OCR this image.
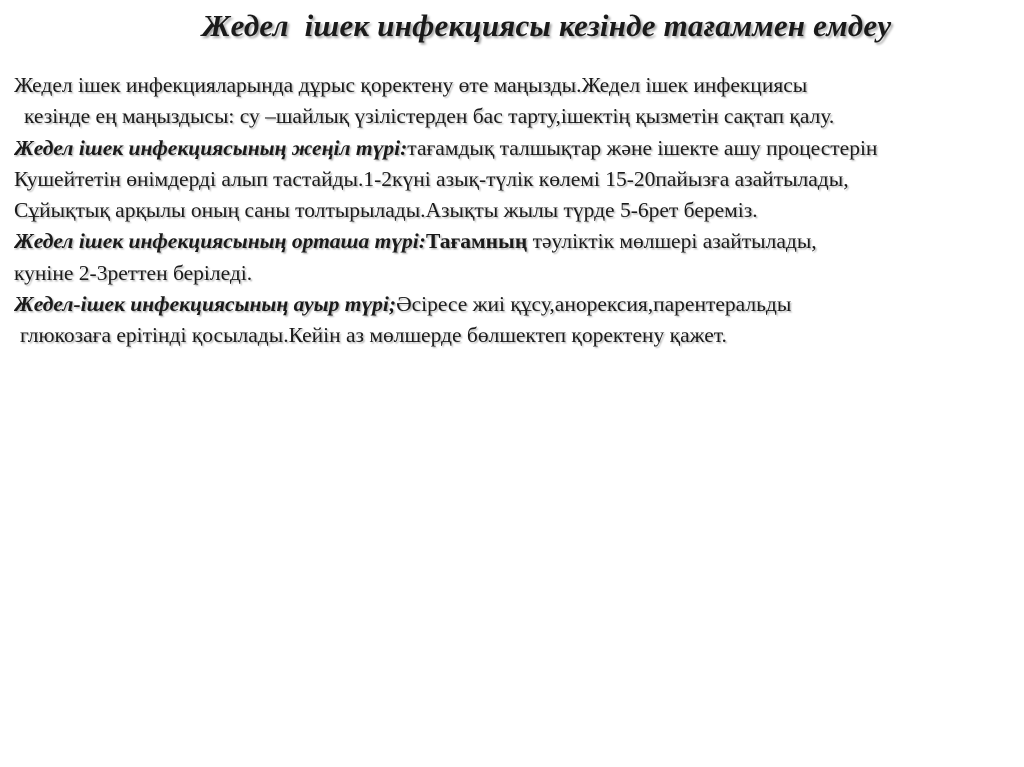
Жедел  ішек инфекциясы кезінде тағаммен емдеу
Жедел ішек инфекцияларында дұрыс қоректену өте маңызды.Жедел ішек инфекциясы
кезінде ең маңыздысы: су –шайлық үзілістерден бас тарту,ішектің қызметін сақтап қалу.
Жедел ішек инфекциясының жеңіл түрі:тағамдық талшықтар және ішекте ашу процестерін
Кушейтетін өнімдерді алып тастайды.1-2күні азық-түлік көлемі 15-20пайызға азайтылады,
Сұйықтық арқылы оның саны толтырылады.Азықты жылы түрде 5-6рет береміз.
Жедел ішек инфекциясының орташа түрі:Тағамның тәуліктік мөлшері азайтылады,
куніне 2-3реттен беріледі.
Жедел-ішек инфекциясының ауыр түрі;Әсіресе жиі құсу,анорексия,парентеральды
глюкозаға ерітінді қосылады.Кейін аз мөлшерде бөлшектеп қоректену қажет.
